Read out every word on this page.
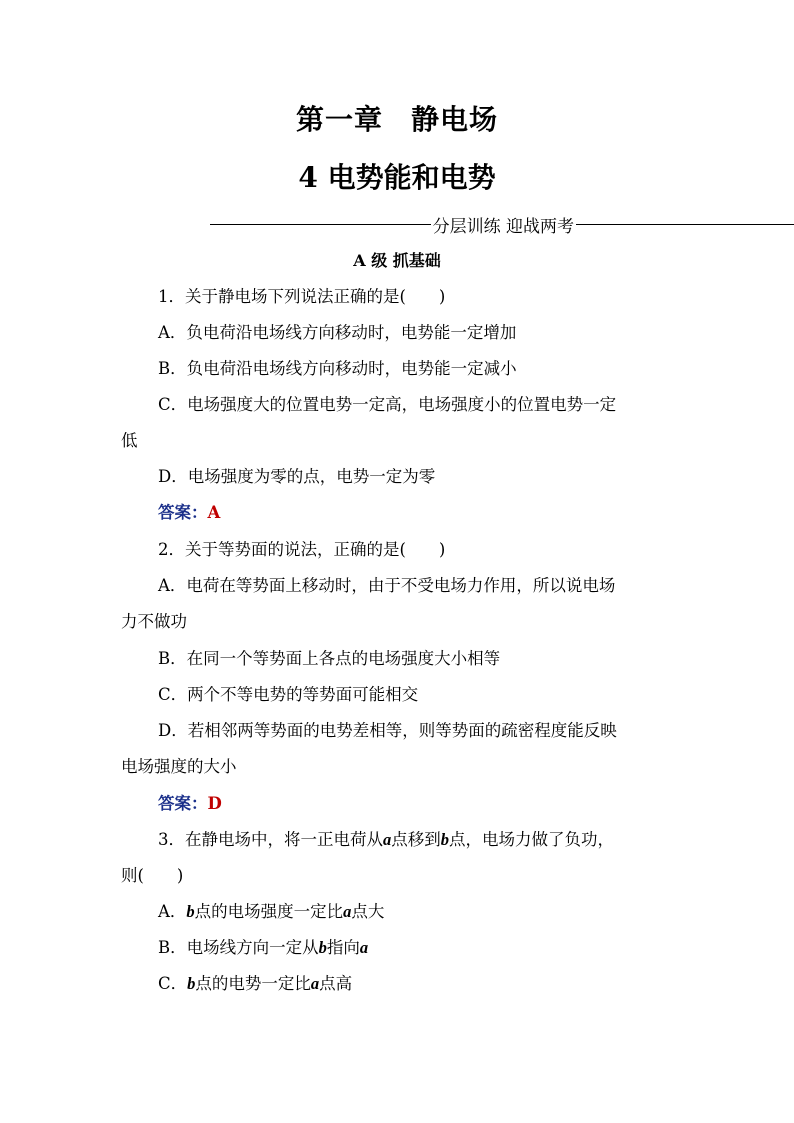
第一章 静电场
4 电势能和电势
分层训练 迎战两考
A 级 抓基础
1．关于静电场下列说法正确的是(　　)
A．负电荷沿电场线方向移动时，电势能一定增加
B．负电荷沿电场线方向移动时，电势能一定减小
C．电场强度大的位置电势一定高，电场强度小的位置电势一定
低
D．电场强度为零的点，电势一定为零
答案：A
2．关于等势面的说法，正确的是(　　)
A．电荷在等势面上移动时，由于不受电场力作用，所以说电场
力不做功
B．在同一个等势面上各点的电场强度大小相等
C．两个不等电势的等势面可能相交
D．若相邻两等势面的电势差相等，则等势面的疏密程度能反映
电场强度的大小
答案：D
3．在静电场中，将一正电荷从a点移到b点，电场力做了负功，
则(　　)
A．b点的电场强度一定比a点大
B．电场线方向一定从b指向a
C．b点的电势一定比a点高
